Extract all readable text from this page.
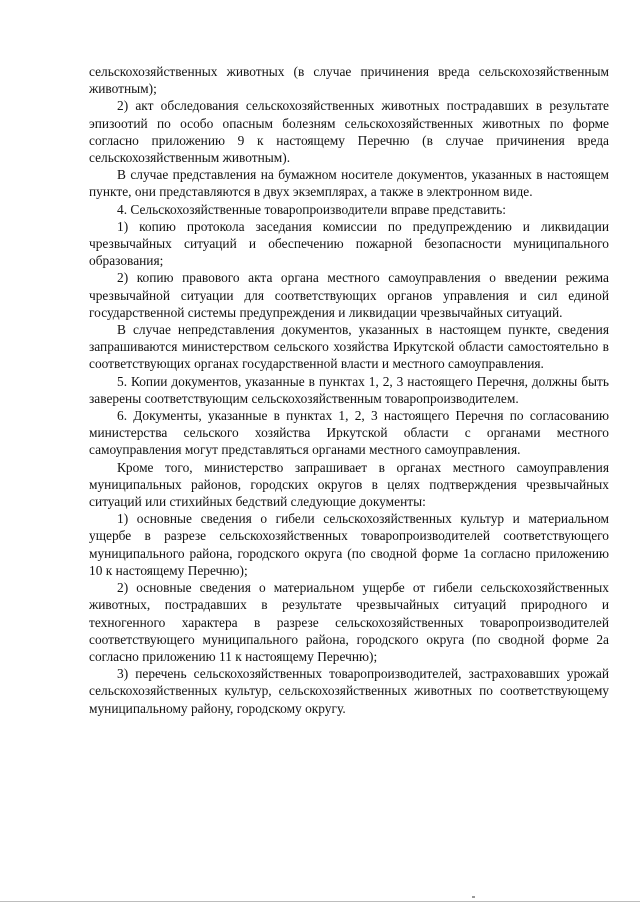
сельскохозяйственных животных (в случае причинения вреда сельскохозяйственным животным);

2) акт обследования сельскохозяйственных животных пострадавших в результате эпизоотий по особо опасным болезням сельскохозяйственных животных по форме согласно приложению 9 к настоящему Перечню (в случае причинения вреда сельскохозяйственным животным).

В случае представления на бумажном носителе документов, указанных в настоящем пункте, они представляются в двух экземплярах, а также в электронном виде.

4. Сельскохозяйственные товаропроизводители вправе представить:

1) копию протокола заседания комиссии по предупреждению и ликвидации чрезвычайных ситуаций и обеспечению пожарной безопасности муниципального образования;

2) копию правового акта органа местного самоуправления о введении режима чрезвычайной ситуации для соответствующих органов управления и сил единой государственной системы предупреждения и ликвидации чрезвычайных ситуаций.

В случае непредставления документов, указанных в настоящем пункте, сведения запрашиваются министерством сельского хозяйства Иркутской области самостоятельно в соответствующих органах государственной власти и местного самоуправления.

5. Копии документов, указанные в пунктах 1, 2, 3 настоящего Перечня, должны быть заверены соответствующим сельскохозяйственным товаропроизводителем.

6. Документы, указанные в пунктах 1, 2, 3 настоящего Перечня по согласованию министерства сельского хозяйства Иркутской области с органами местного самоуправления могут представляться органами местного самоуправления.

Кроме того, министерство запрашивает в органах местного самоуправления муниципальных районов, городских округов в целях подтверждения чрезвычайных ситуаций или стихийных бедствий следующие документы:

1) основные сведения о гибели сельскохозяйственных культур и материальном ущербе в разрезе сельскохозяйственных товаропроизводителей соответствующего муниципального района, городского округа (по сводной форме 1а согласно приложению 10 к настоящему Перечню);

2) основные сведения о материальном ущербе от гибели сельскохозяйственных животных, пострадавших в результате чрезвычайных ситуаций природного и техногенного характера в разрезе сельскохозяйственных товаропроизводителей соответствующего муниципального района, городского округа (по сводной форме 2а согласно приложению 11 к настоящему Перечню);

3) перечень сельскохозяйственных товаропроизводителей, застраховавших урожай сельскохозяйственных культур, сельскохозяйственных животных по соответствующему муниципальному району, городскому округу.
